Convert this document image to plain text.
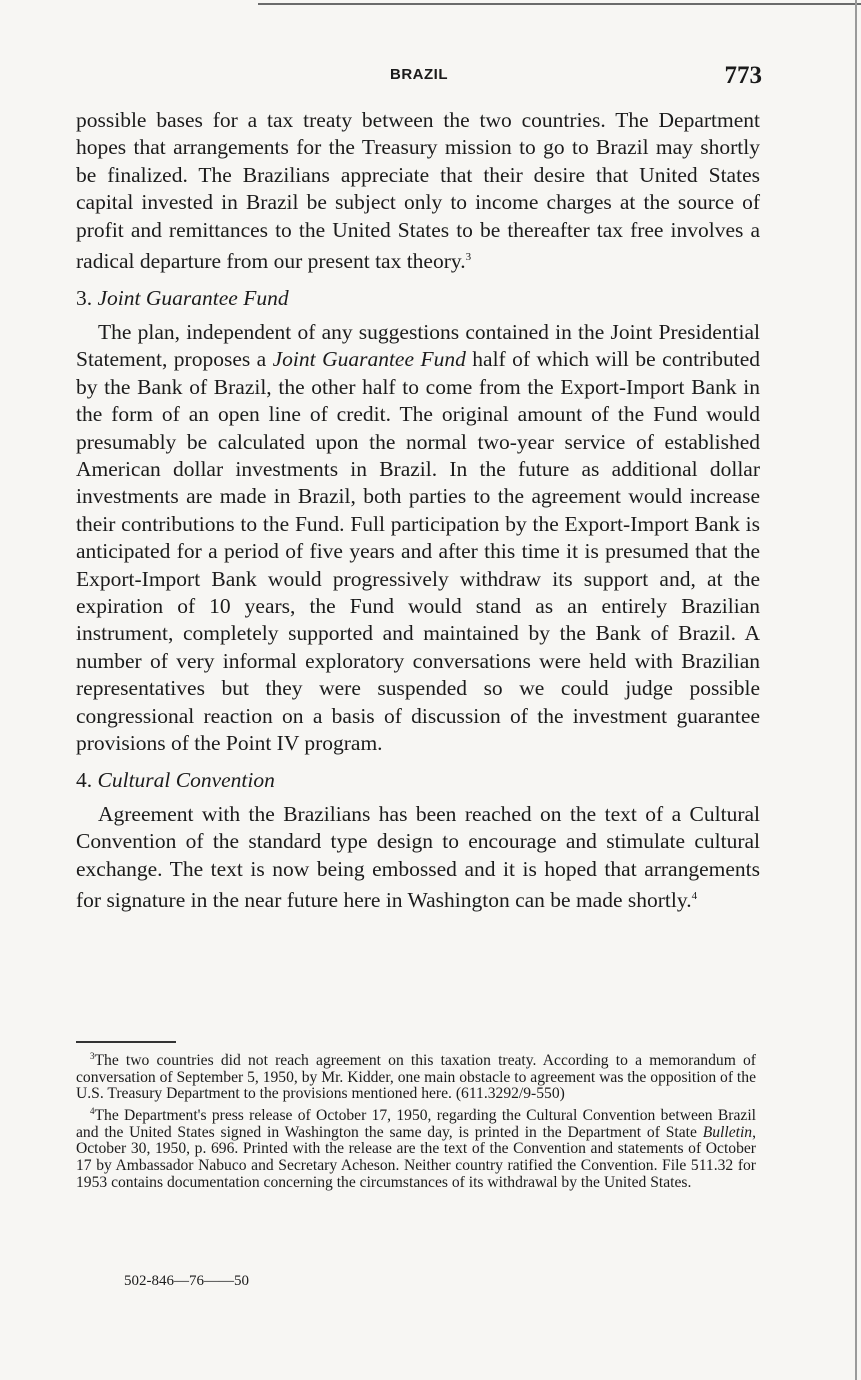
BRAZIL	773

possible bases for a tax treaty between the two countries. The Department hopes that arrangements for the Treasury mission to go to Brazil may shortly be finalized. The Brazilians appreciate that their desire that United States capital invested in Brazil be subject only to income charges at the source of profit and remittances to the United States to be thereafter tax free involves a radical departure from our present tax theory.$^3$

3. Joint Guarantee Fund

The plan, independent of any suggestions contained in the Joint Presidential Statement, proposes a Joint Guarantee Fund half of which will be contributed by the Bank of Brazil, the other half to come from the Export-Import Bank in the form of an open line of credit. The original amount of the Fund would presumably be calculated upon the normal two-year service of established American dollar investments in Brazil. In the future as additional dollar investments are made in Brazil, both parties to the agreement would increase their contributions to the Fund. Full participation by the Export-Import Bank is anticipated for a period of five years and after this time it is presumed that the Export-Import Bank would progressively withdraw its support and, at the expiration of 10 years, the Fund would stand as an entirely Brazilian instrument, completely supported and maintained by the Bank of Brazil. A number of very informal exploratory conversations were held with Brazilian representatives but they were suspended so we could judge possible congressional reaction on a basis of discussion of the investment guarantee provisions of the Point IV program.

4. Cultural Convention

Agreement with the Brazilians has been reached on the text of a Cultural Convention of the standard type design to encourage and stimulate cultural exchange. The text is now being embossed and it is hoped that arrangements for signature in the near future here in Washington can be made shortly.$^4$

$^3$The two countries did not reach agreement on this taxation treaty. According to a memorandum of conversation of September 5, 1950, by Mr. Kidder, one main obstacle to agreement was the opposition of the U.S. Treasury Department to the provisions mentioned here. (611.3292/9-550)

$^4$The Department's press release of October 17, 1950, regarding the Cultural Convention between Brazil and the United States signed in Washington the same day, is printed in the Department of State Bulletin, October 30, 1950, p. 696. Printed with the release are the text of the Convention and statements of October 17 by Ambassador Nabuco and Secretary Acheson. Neither country ratified the Convention. File 511.32 for 1953 contains documentation concerning the circumstances of its withdrawal by the United States.

502-846—76——50
